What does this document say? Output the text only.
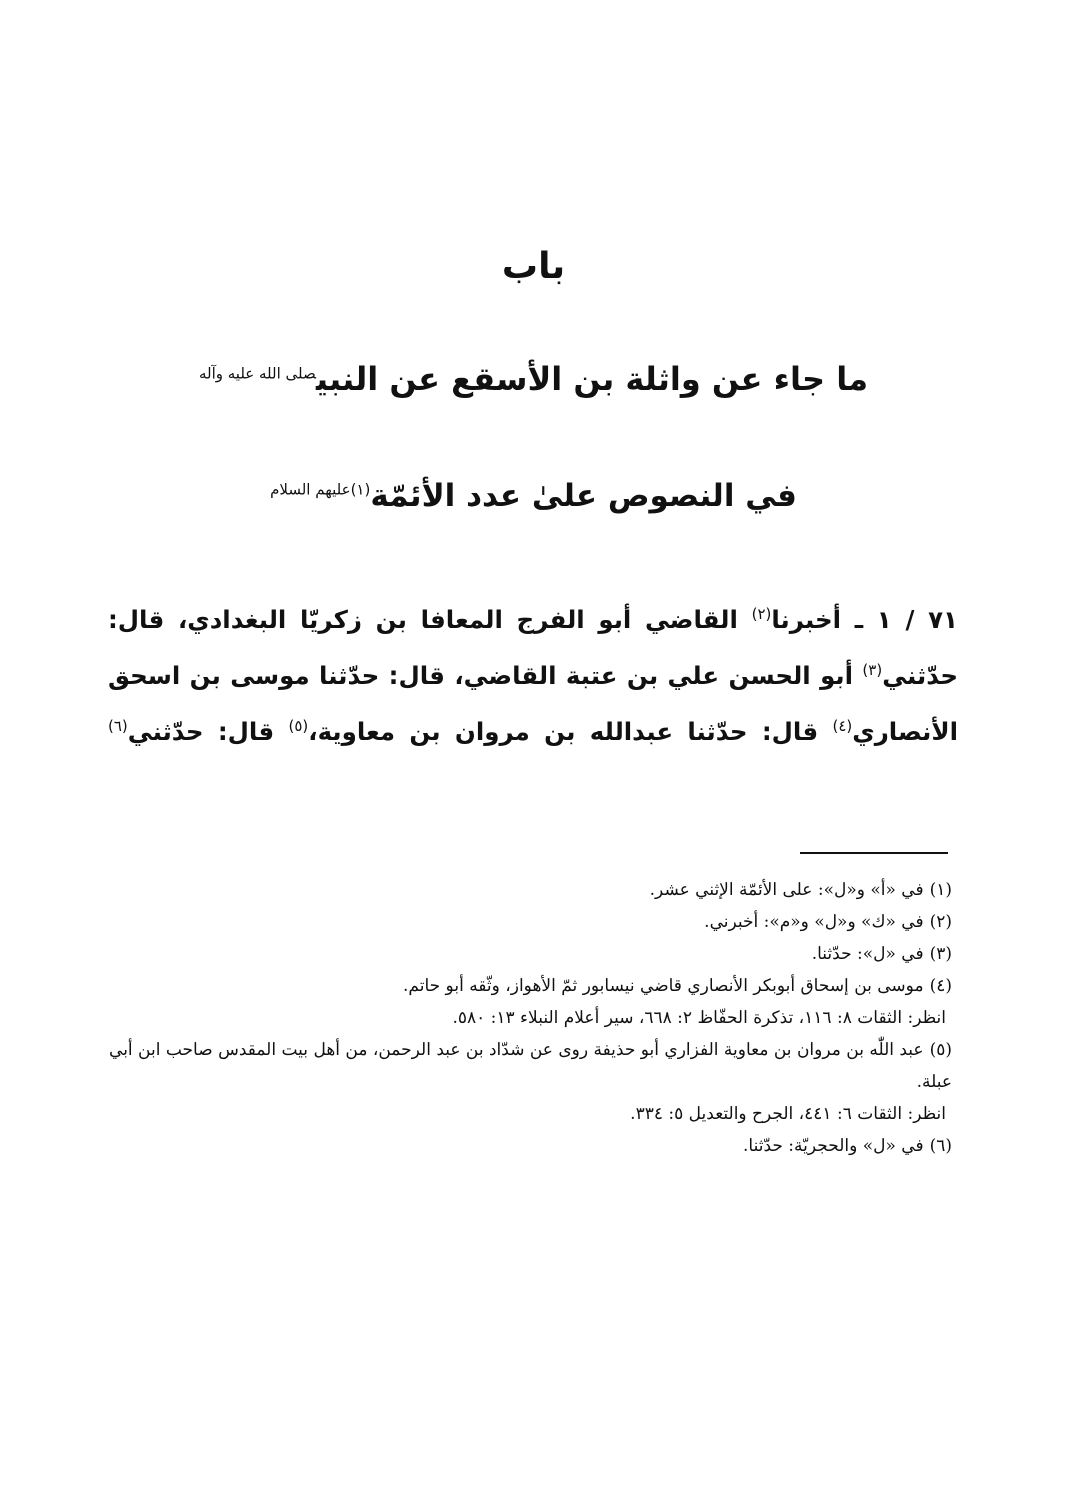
باب
ما جاء عن واثلة بن الأسقع عن النبي$^{صلى الله عليه وآله}$
في النصوص علىٰ عدد الأئمّة$^{(١)عليهم السلام}$

٧١ / ١ ـ أخبرنا$^{(٢)}$ القاضي أبو الفرج المعافا بن زكريّا البغدادي، قال: حدّثني$^{(٣)}$ أبو الحسن علي بن عتبة القاضي، قال: حدّثنا موسى بن اسحق الأنصاري$^{(٤)}$ قال: حدّثنا عبدالله بن مروان بن معاوية،$^{(٥)}$ قال: حدّثني$^{(٦)}$

(١)في «أ» و«ل»: على الأئمّة الإثني عشر.
(٢)في «ك» و«ل» و«م»: أخبرني.
(٣)في «ل»: حدّثنا.
(٤)موسى بن إسحاق أبوبكر الأنصاري قاضي نيسابور ثمّ الأهواز، وثّقه أبو حاتم.
انظر: الثقات ٨: ١١٦، تذكرة الحفّاظ ٢: ٦٦٨، سير أعلام النبلاء ١٣: ٥٨٠.
(٥)عبد اللّٰه بن مروان بن معاوية الفزاري أبو حذيفة روى عن شدّاد بن عبد الرحمن، من أهل بيت المقدس صاحب ابن أبي عبلة.
انظر: الثقات ٦: ٤٤١، الجرح والتعديل ٥: ٣٣٤.
(٦)في «ل» والحجريّة: حدّثنا.
